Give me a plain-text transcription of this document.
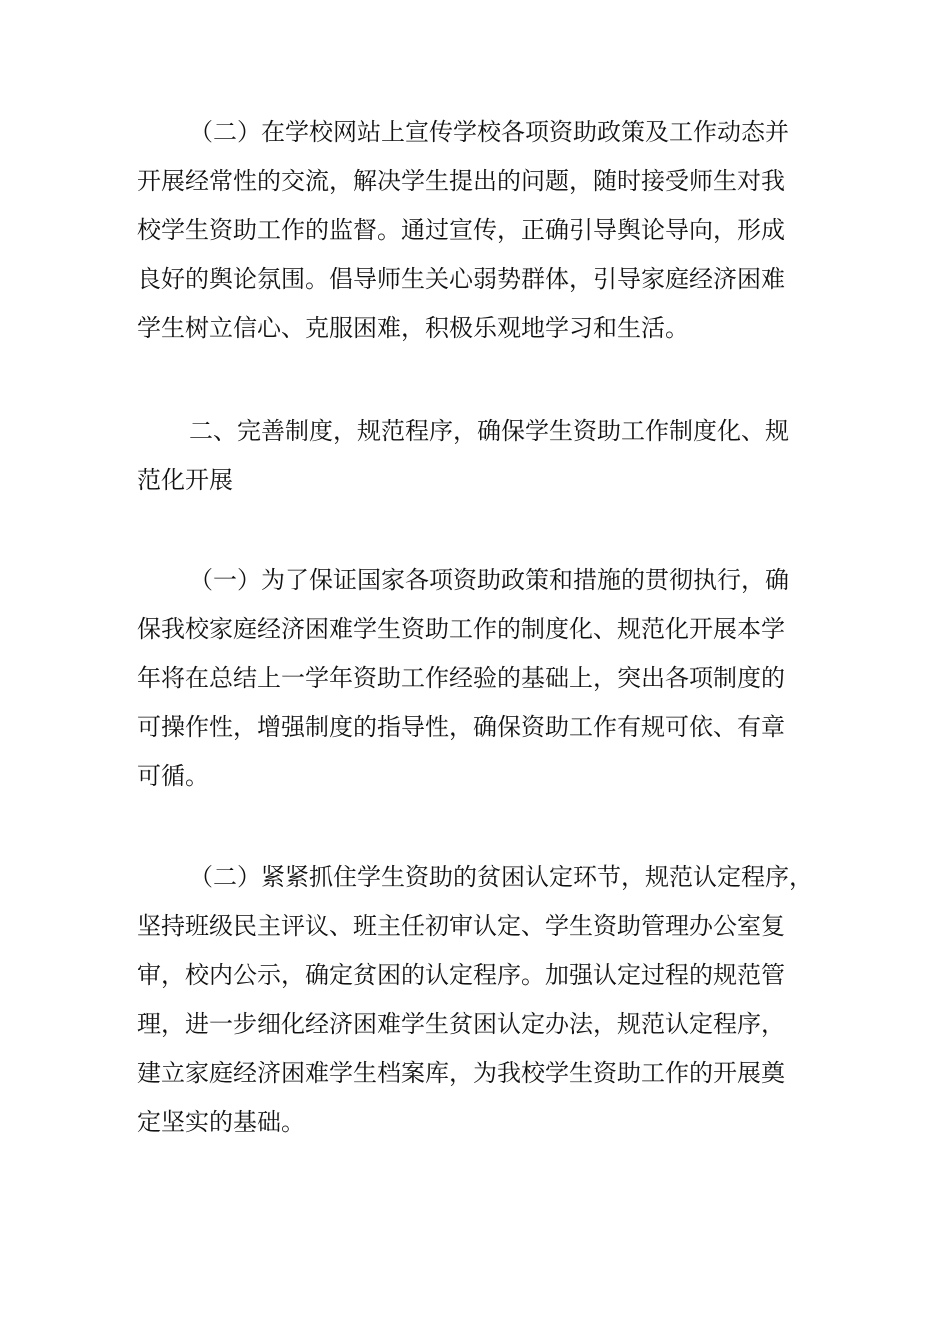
（二）在学校网站上宣传学校各项资助政策及工作动态并
开展经常性的交流，解决学生提出的问题，随时接受师生对我
校学生资助工作的监督。通过宣传，正确引导舆论导向，形成
良好的舆论氛围。倡导师生关心弱势群体，引导家庭经济困难
学生树立信心、克服困难，积极乐观地学习和生活。

二、完善制度，规范程序，确保学生资助工作制度化、规
范化开展

（一）为了保证国家各项资助政策和措施的贯彻执行，确
保我校家庭经济困难学生资助工作的制度化、规范化开展本学
年将在总结上一学年资助工作经验的基础上，突出各项制度的
可操作性，增强制度的指导性，确保资助工作有规可依、有章
可循。

（二）紧紧抓住学生资助的贫困认定环节，规范认定程序，
坚持班级民主评议、班主任初审认定、学生资助管理办公室复
审，校内公示，确定贫困的认定程序。加强认定过程的规范管
理，进一步细化经济困难学生贫困认定办法，规范认定程序，
建立家庭经济困难学生档案库，为我校学生资助工作的开展奠
定坚实的基础。
